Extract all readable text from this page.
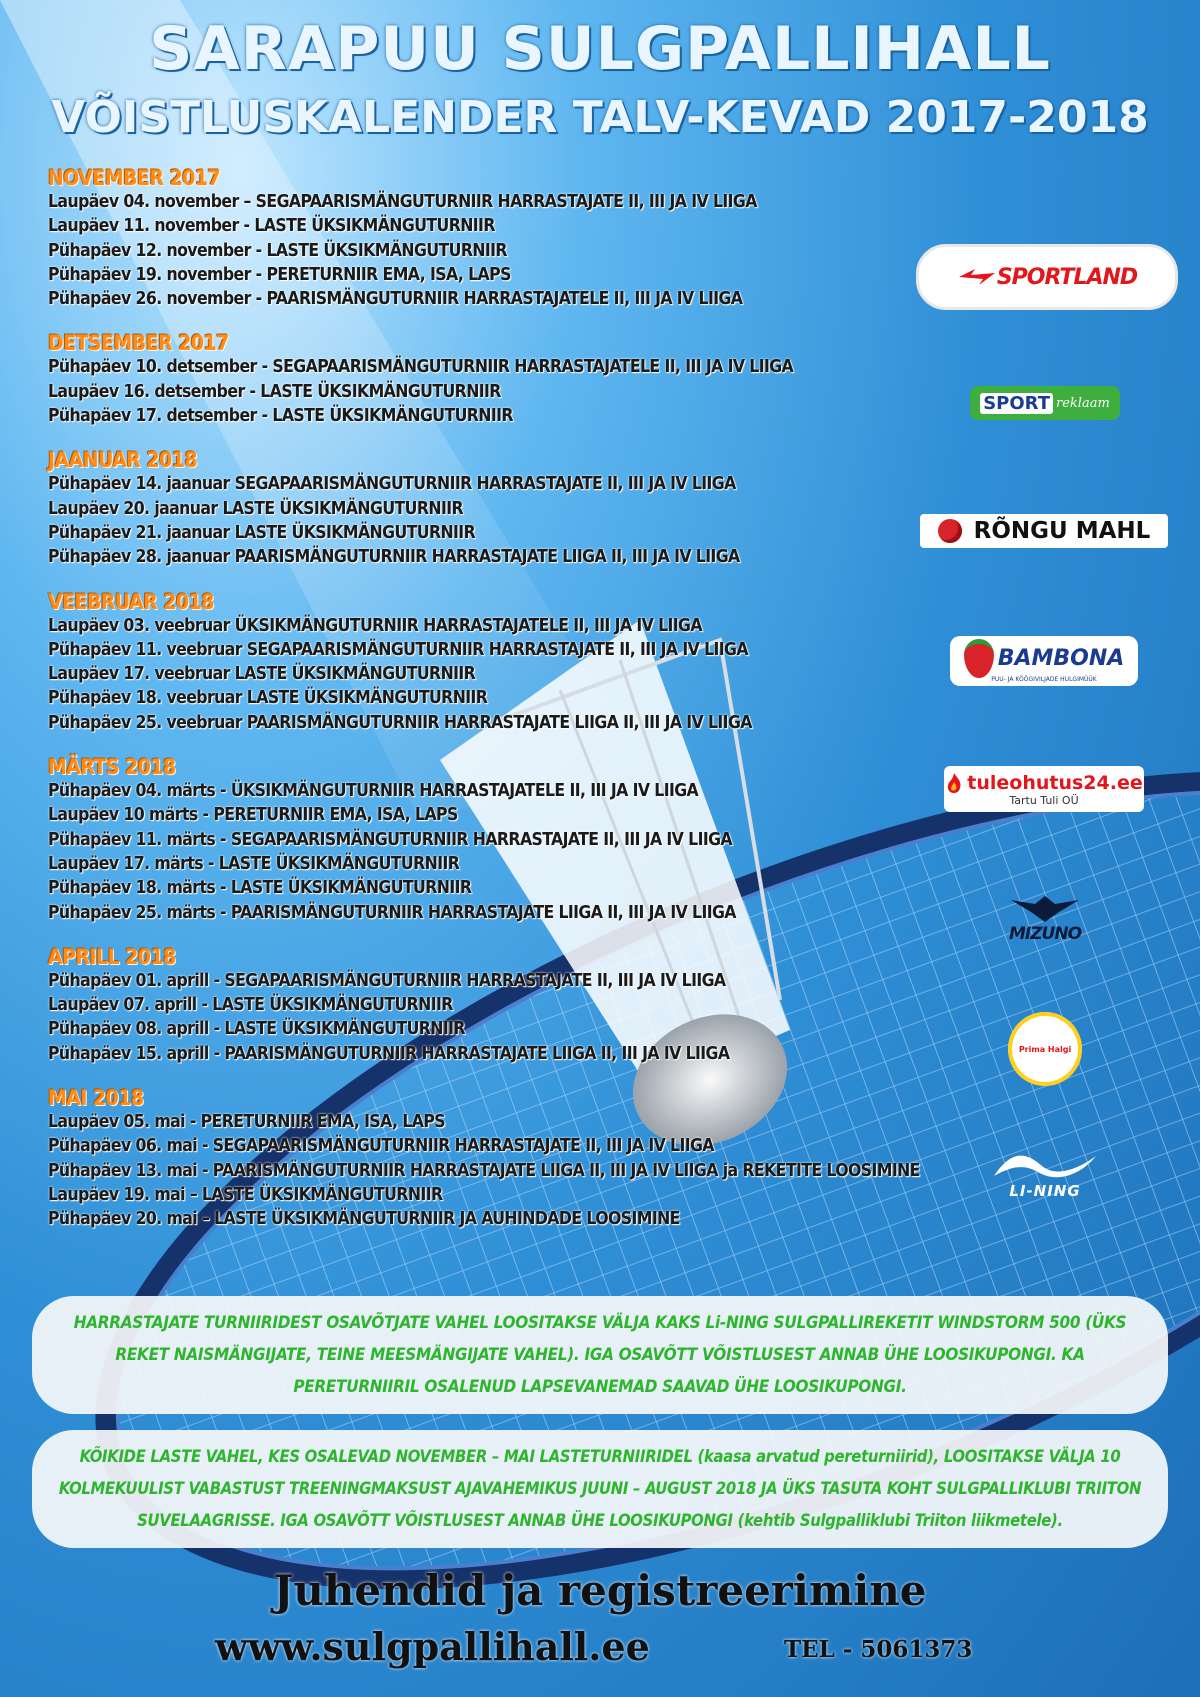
SARAPUU SULGPALLIHALL
VÕISTLUSKALENDER TALV-KEVAD 2017-2018
NOVEMBER 2017
Laupäev 04. november – SEGAPAARISMÄNGUTURNIIR HARRASTAJATE II, III JA IV LIIGA
Laupäev 11. november - LASTE ÜKSIKMÄNGUTURNIIR
Pühapäev 12. november - LASTE ÜKSIKMÄNGUTURNIIR
Pühapäev 19. november - PERETURNIIR EMA, ISA, LAPS
Pühapäev 26. november - PAARISMÄNGUTURNIIR HARRASTAJATELE II, III JA IV LIIGA
DETSEMBER 2017
Pühapäev 10. detsember - SEGAPAARISMÄNGUTURNIIR HARRASTAJATELE II, III JA IV LIIGA
Laupäev 16. detsember - LASTE ÜKSIKMÄNGUTURNIIR
Pühapäev 17. detsember - LASTE ÜKSIKMÄNGUTURNIIR
JAANUAR 2018
Pühapäev 14. jaanuar SEGAPAARISMÄNGUTURNIIR HARRASTAJATE II, III JA IV LIIGA
Laupäev 20. jaanuar LASTE ÜKSIKMÄNGUTURNIIR
Pühapäev 21. jaanuar LASTE ÜKSIKMÄNGUTURNIIR
Pühapäev 28. jaanuar PAARISMÄNGUTURNIIR HARRASTAJATE LIIGA II, III JA IV LIIGA
VEEBRUAR 2018
Laupäev 03. veebruar ÜKSIKMÄNGUTURNIIR HARRASTAJATELE II, III JA IV LIIGA
Pühapäev 11. veebruar SEGAPAARISMÄNGUTURNIIR HARRASTAJATE II, III JA IV LIIGA
Laupäev 17. veebruar LASTE ÜKSIKMÄNGUTURNIIR
Pühapäev 18. veebruar LASTE ÜKSIKMÄNGUTURNIIR
Pühapäev 25. veebruar PAARISMÄNGUTURNIIR HARRASTAJATE LIIGA II, III JA IV LIIGA
MÄRTS 2018
Pühapäev 04. märts - ÜKSIKMÄNGUTURNIIR HARRASTAJATELE II, III JA IV LIIGA
Laupäev 10 märts - PERETURNIIR EMA, ISA, LAPS
Pühapäev 11. märts - SEGAPAARISMÄNGUTURNIIR HARRASTAJATE II, III JA IV LIIGA
Laupäev 17. märts - LASTE ÜKSIKMÄNGUTURNIIR
Pühapäev 18. märts - LASTE ÜKSIKMÄNGUTURNIIR
Pühapäev 25. märts - PAARISMÄNGUTURNIIR HARRASTAJATE LIIGA II, III JA IV LIIGA
APRILL 2018
Pühapäev 01. aprill - SEGAPAARISMÄNGUTURNIIR HARRASTAJATE II, III JA IV LIIGA
Laupäev 07. aprill - LASTE ÜKSIKMÄNGUTURNIIR
Pühapäev 08. aprill - LASTE ÜKSIKMÄNGUTURNIIR
Pühapäev 15. aprill - PAARISMÄNGUTURNIIR HARRASTAJATE LIIGA II, III JA IV LIIGA
MAI 2018
Laupäev 05. mai - PERETURNIIR EMA, ISA, LAPS
Pühapäev 06. mai - SEGAPAARISMÄNGUTURNIIR HARRASTAJATE II, III JA IV LIIGA
Pühapäev 13. mai - PAARISMÄNGUTURNIIR HARRASTAJATE LIIGA II, III JA IV LIIGA ja REKETITE LOOSIMINE
Laupäev 19. mai – LASTE ÜKSIKMÄNGUTURNIIR
Pühapäev 20. mai – LASTE ÜKSIKMÄNGUTURNIIR JA AUHINDADE LOOSIMINE
SPORTLAND
SPORT reklaam
RÕNGU MAHL
BAMBONA
PUU- JA KÖÖGIVILJADE HULGIMÜÜK
tuleohutus24.ee
Tartu Tuli OÜ
MIZUNO
Prima Halgi
LI-NING
HARRASTAJATE TURNIIRIDEST OSAVÕTJATE VAHEL LOOSITAKSE VÄLJA KAKS Li-NING SULGPALLIREKETIT WINDSTORM 500 (ÜKS REKET NAISMÄNGIJATE, TEINE MEESMÄNGIJATE VAHEL). IGA OSAVÕTT VÕISTLUSEST ANNAB ÜHE LOOSIKUPONGI. KA PERETURNIIRIL OSALENUD LAPSEVANEMAD SAAVAD ÜHE LOOSIKUPONGI.
KÕIKIDE LASTE VAHEL, KES OSALEVAD NOVEMBER – MAI LASTETURNIIRIDEL (kaasa arvatud pereturniirid), LOOSITAKSE VÄLJA 10 KOLMEKUULIST VABASTUST TREENINGMAKSUST AJAVAHEMIKUS JUUNI – AUGUST 2018 JA ÜKS TASUTA KOHT SULGPALLIKLUBI TRIITON SUVELAAGRISSE. IGA OSAVÕTT VÕISTLUSEST ANNAB ÜHE LOOSIKUPONGI (kehtib Sulgpalliklubi Triiton liikmetele).
Juhendid ja registreerimine
www.sulgpallihall.ee	TEL - 5061373
